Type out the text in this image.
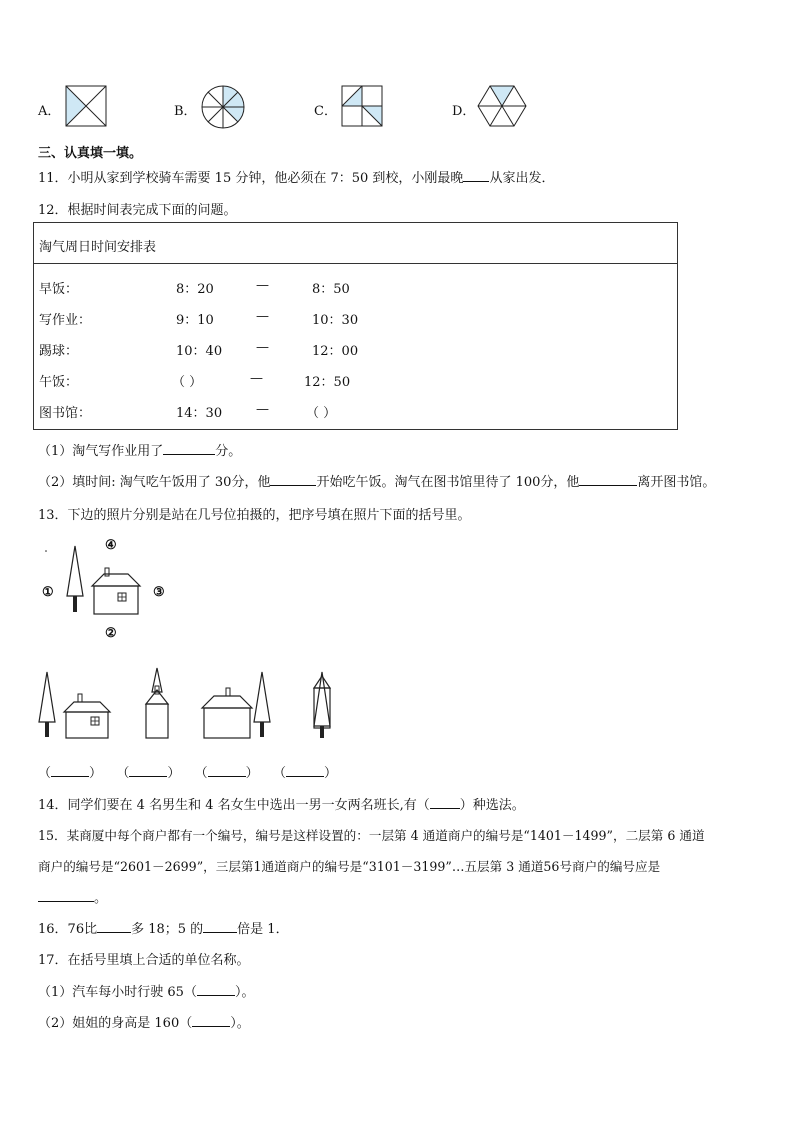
A．	B．	C．	D．
三、认真填一填。
11．小明从家到学校骑车需要 15 分钟，他必须在 7：50 到校，小刚最晚 从家出发．
12．根据时间表完成下面的问题。
淘气周日时间安排表
早饭：	8：20	—	8：50
写作业：	9：10	—	10：30
踢球：	10：40	—	12：00
午饭：	（ ）	—	12：50
图书馆：	14：30	—	（ ）
（1）淘气写作业用了	分。
（2）填时间: 淘气吃午饭用了 30分，他	开始吃午饭。淘气在图书馆里待了 100分，他	离开图书馆。
13．下边的照片分别是站在几号位拍摄的，把序号填在照片下面的括号里。
①
②
③
④
（	） （	） （	） （	）
14．同学们要在 4 名男生和 4 名女生中选出一男一女两名班长,有（ ）种选法。
15．某商厦中每个商户都有一个编号，编号是这样设置的：一层第 4 通道商户的编号是“1401－1499”，二层第 6 通道
商户的编号是“2601－2699”，三层第1通道商户的编号是“3101－3199”…五层第 3 通道56号商户的编号应是
。
16．76比	多 18；5 的	倍是 1．
17．在括号里填上合适的单位名称。
（1）汽车每小时行驶 65（	）。
（2）姐姐的身高是 160（	）。
